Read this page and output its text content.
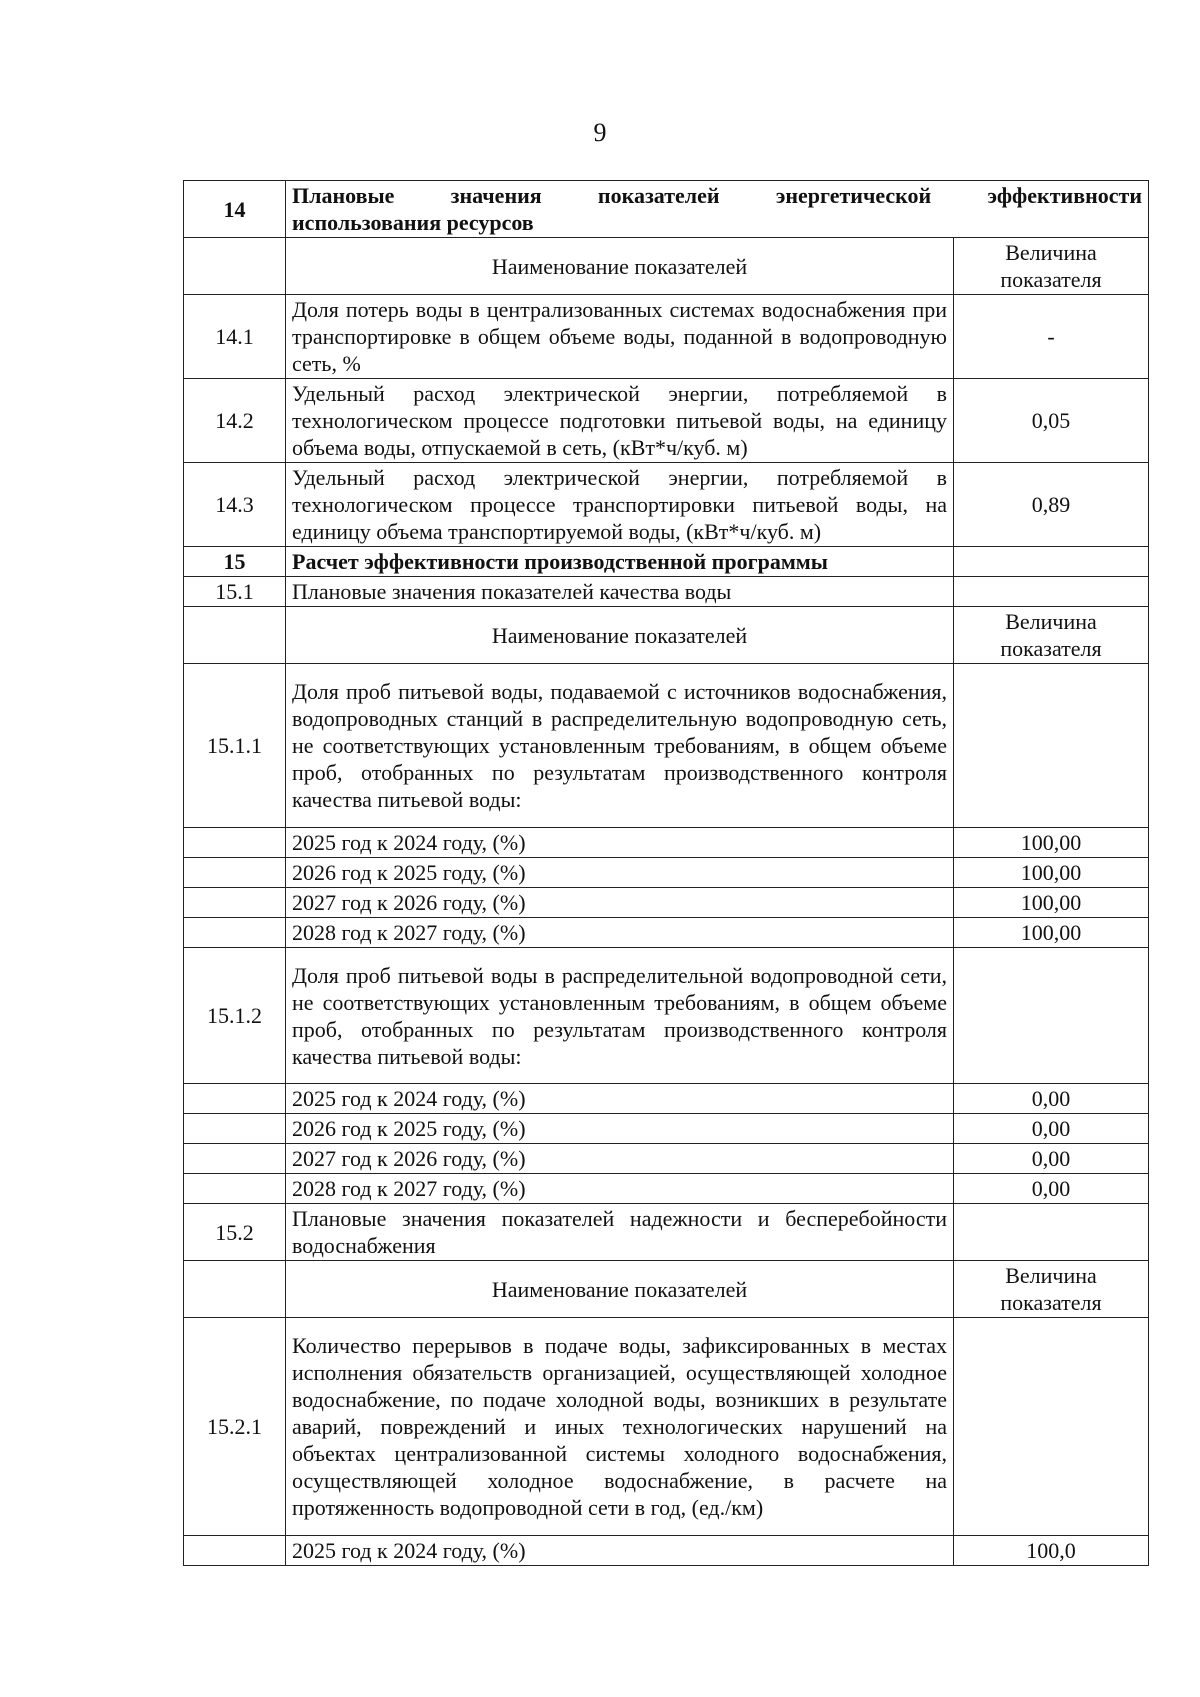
9
14	Плановые значения показателей энергетической эффективности
использования ресурсов	
	Наименование показателей	Величина показателя
14.1	Доля потерь воды в централизованных системах водоснабжения при транспортировке в общем объеме воды, поданной в водопроводную сеть, %	-
14.2	Удельный расход электрической энергии, потребляемой в технологическом процессе подготовки питьевой воды, на единицу объема воды, отпускаемой в сеть, (кВт*ч/куб. м)	0,05
14.3	Удельный расход электрической энергии, потребляемой в технологическом процессе транспортировки питьевой воды, на единицу объема транспортируемой воды, (кВт*ч/куб. м)	0,89
15	Расчет эффективности производственной программы	
15.1	Плановые значения показателей качества воды	
	Наименование показателей	Величина показателя
15.1.1	Доля проб питьевой воды, подаваемой с источников водоснабжения, водопроводных станций в распределительную водопроводную сеть, не соответствующих установленным требованиям, в общем объеме проб, отобранных по результатам производственного контроля качества питьевой воды:	
	2025 год к 2024 году, (%)	100,00
	2026 год к 2025 году, (%)	100,00
	2027 год к 2026 году, (%)	100,00
	2028 год к 2027 году, (%)	100,00
15.1.2	Доля проб питьевой воды в распределительной водопроводной сети, не соответствующих установленным требованиям, в общем объеме проб, отобранных по результатам производственного контроля качества питьевой воды:	
	2025 год к 2024 году, (%)	0,00
	2026 год к 2025 году, (%)	0,00
	2027 год к 2026 году, (%)	0,00
	2028 год к 2027 году, (%)	0,00
15.2	Плановые значения показателей надежности и бесперебойности водоснабжения	
	Наименование показателей	Величина показателя
15.2.1	Количество перерывов в подаче воды, зафиксированных в местах исполнения обязательств организацией, осуществляющей холодное водоснабжение, по подаче холодной воды, возникших в результате аварий, повреждений и иных технологических нарушений на объектах централизованной системы холодного водоснабжения, осуществляющей холодное водоснабжение, в расчете на протяженность водопроводной сети в год, (ед./км)	
	2025 год к 2024 году, (%)	100,0
